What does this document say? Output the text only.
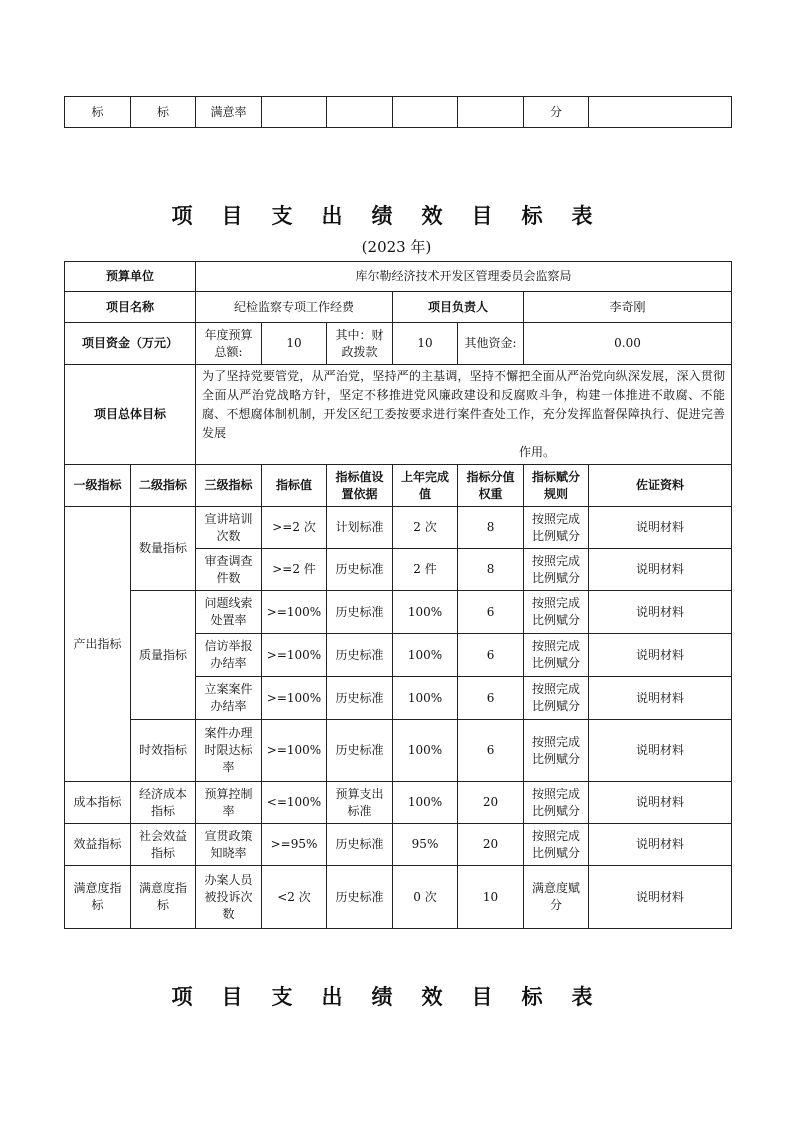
标	标	满意率					分	
项目支出绩效目标表
(2023 年)
预算单位		库尔勒经济技术开发区管理委员会监察局						
项目名称		纪检监察专项工作经费			项目负责人		李奇刚	
项目资金（万元）		年度预算总额:	10	其中：财政拨款	10	其他资金:	0.00	
项目总体目标		为了坚持党要管党，从严治党，坚持严的主基调，坚持不懈把全面从严治党向纵深发展，深入贯彻全面从严治党战略方针，坚定不移推进党风廉政建设和反腐败斗争，构建一体推进不敢腐、不能腐、不想腐体制机制，开发区纪工委按要求进行案件查处工作，充分发挥监督保障执行、促进完善发展
作用。						

一级指标	二级指标	三级指标	指标值	指标值设置依据	上年完成值	指标分值权重	指标赋分规则	佐证资料
产出指标	数量指标	宣讲培训次数	>=2 次	计划标准	2 次	8	按照完成比例赋分	说明材料
		审查调查件数	>=2 件	历史标准	2 件	8	按照完成比例赋分	说明材料
	质量指标	问题线索处置率	>=100%	历史标准	100%	6	按照完成比例赋分	说明材料
		信访举报办结率	>=100%	历史标准	100%	6	按照完成比例赋分	说明材料
		立案案件办结率	>=100%	历史标准	100%	6	按照完成比例赋分	说明材料
	时效指标	案件办理时限达标率	>=100%	历史标准	100%	6	按照完成比例赋分	说明材料
成本指标	经济成本指标	预算控制率	<=100%	预算支出标准	100%	20	按照完成比例赋分	说明材料
效益指标	社会效益指标	宣贯政策知晓率	>=95%	历史标准	95%	20	按照完成比例赋分	说明材料
满意度指标	满意度指标	办案人员被投诉次数	<2 次	历史标准	0 次	10	满意度赋分	说明材料
项目支出绩效目标表
